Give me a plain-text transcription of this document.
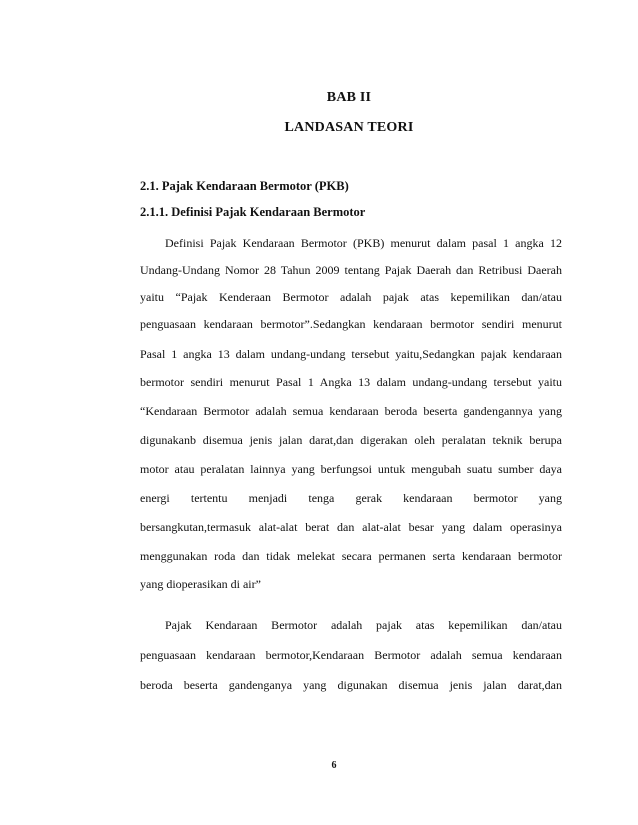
BAB II
LANDASAN TEORI
2.1. Pajak Kendaraan Bermotor (PKB)
2.1.1. Definisi Pajak Kendaraan Bermotor
Definisi Pajak Kendaraan Bermotor (PKB) menurut dalam pasal 1 angka 12
Undang-Undang Nomor 28 Tahun 2009 tentang Pajak Daerah dan Retribusi Daerah
yaitu “Pajak Kenderaan Bermotor adalah pajak atas kepemilikan dan/atau
penguasaan kendaraan bermotor”.Sedangkan kendaraan bermotor sendiri menurut
Pasal 1 angka 13 dalam undang-undang tersebut yaitu,Sedangkan pajak kendaraan
bermotor sendiri menurut Pasal 1 Angka 13 dalam undang-undang tersebut yaitu
“Kendaraan Bermotor adalah semua kendaraan beroda beserta gandengannya yang
digunakanb disemua jenis jalan darat,dan digerakan oleh peralatan teknik berupa
motor atau peralatan lainnya yang berfungsoi untuk mengubah suatu sumber daya
energi tertentu menjadi tenga gerak kendaraan bermotor yang
bersangkutan,termasuk alat-alat berat dan alat-alat besar yang dalam operasinya
menggunakan roda dan tidak melekat secara permanen serta kendaraan bermotor
yang dioperasikan di air”
Pajak Kendaraan Bermotor adalah pajak atas kepemilikan dan/atau
penguasaan kendaraan bermotor,Kendaraan Bermotor adalah semua kendaraan
beroda beserta gandenganya yang digunakan disemua jenis jalan darat,dan
6
